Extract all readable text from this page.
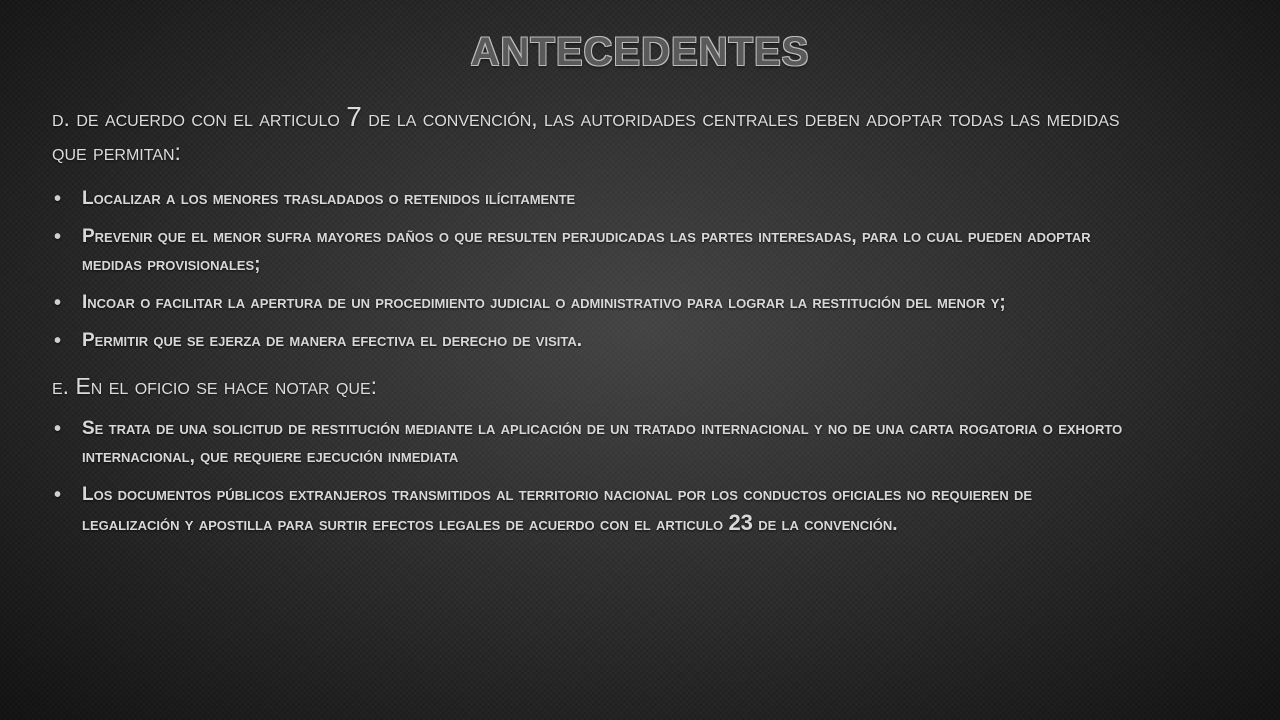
ANTECEDENTES

d. de acuerdo con el articulo 7 de la convención, las autoridades centrales deben adoptar todas las medidas que permitan:

• Localizar a los menores trasladados o retenidos ilícitamente
• Prevenir que el menor sufra mayores daños o que resulten perjudicadas las partes interesadas, para lo cual pueden adoptar medidas provisionales;
• Incoar o facilitar la apertura de un procedimiento judicial o administrativo para lograr la restitución del menor y;
• Permitir que se ejerza de manera efectiva el derecho de visita.

e. En el oficio se hace notar que:

• Se trata de una solicitud de restitución mediante la aplicación de un tratado internacional y no de una carta rogatoria o exhorto internacional, que requiere ejecución inmediata
• Los documentos públicos extranjeros transmitidos al territorio nacional por los conductos oficiales no requieren de legalización y apostilla para surtir efectos legales de acuerdo con el articulo 23 de la convención.
